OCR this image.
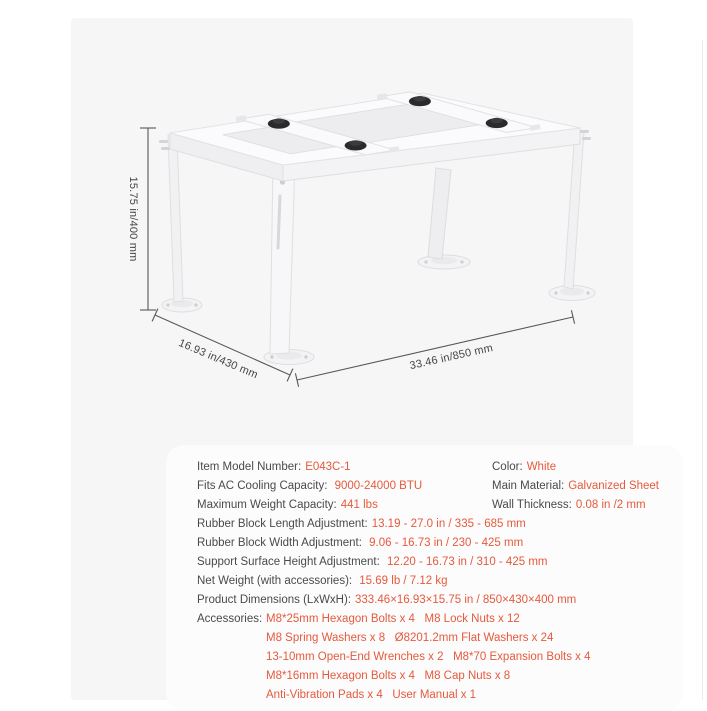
15.75 in/400 mm
16.93 in/430 mm	33.46 in/850 mm
Item Model Number: E043C-1	Color: White
Fits AC Cooling Capacity: 9000-24000 BTU	Main Material: Galvanized Sheet
Maximum Weight Capacity: 441 lbs	Wall Thickness: 0.08 in /2 mm
Rubber Block Length Adjustment: 13.19 - 27.0 in / 335 - 685 mm
Rubber Block Width Adjustment: 9.06 - 16.73 in / 230 - 425 mm
Support Surface Height Adjustment: 12.20 - 16.73 in / 310 - 425 mm
Net Weight (with accessories): 15.69 lb / 7.12 kg
Product Dimensions (LxWxH): 333.46×16.93×15.75 in / 850×430×400 mm
Accessories: M8*25mm Hexagon Bolts x 4   M8 Lock Nuts x 12
M8 Spring Washers x 8   Ø8201.2mm Flat Washers x 24
13-10mm Open-End Wrenches x 2   M8*70 Expansion Bolts x 4
M8*16mm Hexagon Bolts x 4   M8 Cap Nuts x 8
Anti-Vibration Pads x 4   User Manual x 1
